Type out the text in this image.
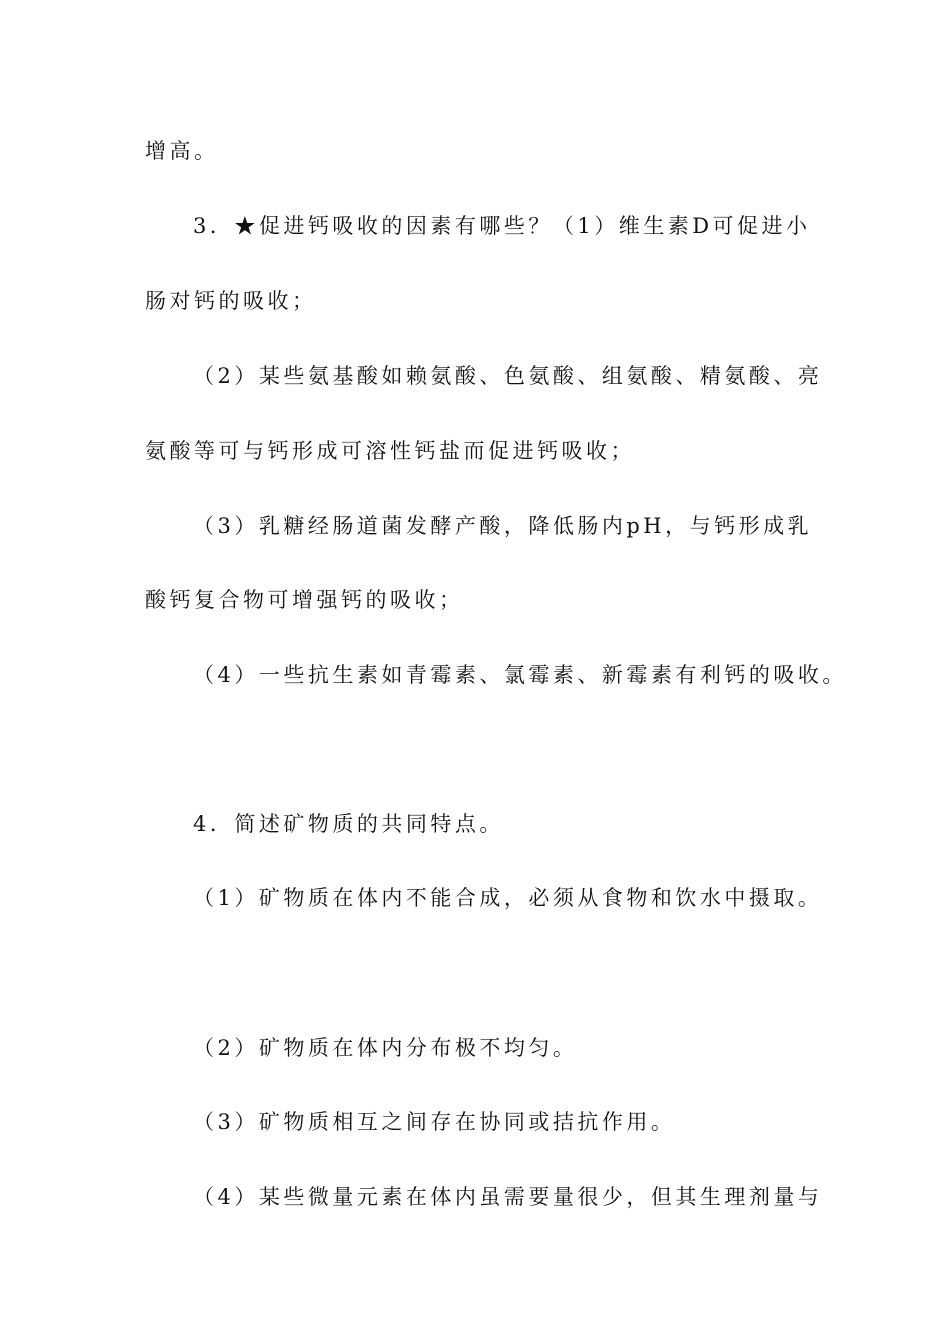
增高。
3．★促进钙吸收的因素有哪些？（1）维生素D可促进小
肠对钙的吸收；
（2）某些氨基酸如赖氨酸、色氨酸、组氨酸、精氨酸、亮
氨酸等可与钙形成可溶性钙盐而促进钙吸收；
（3）乳糖经肠道菌发酵产酸，降低肠内pH，与钙形成乳
酸钙复合物可增强钙的吸收；
（4）一些抗生素如青霉素、氯霉素、新霉素有利钙的吸收。
4．简述矿物质的共同特点。
（1）矿物质在体内不能合成，必须从食物和饮水中摄取。
（2）矿物质在体内分布极不均匀。
（3）矿物质相互之间存在协同或拮抗作用。
（4）某些微量元素在体内虽需要量很少，但其生理剂量与
